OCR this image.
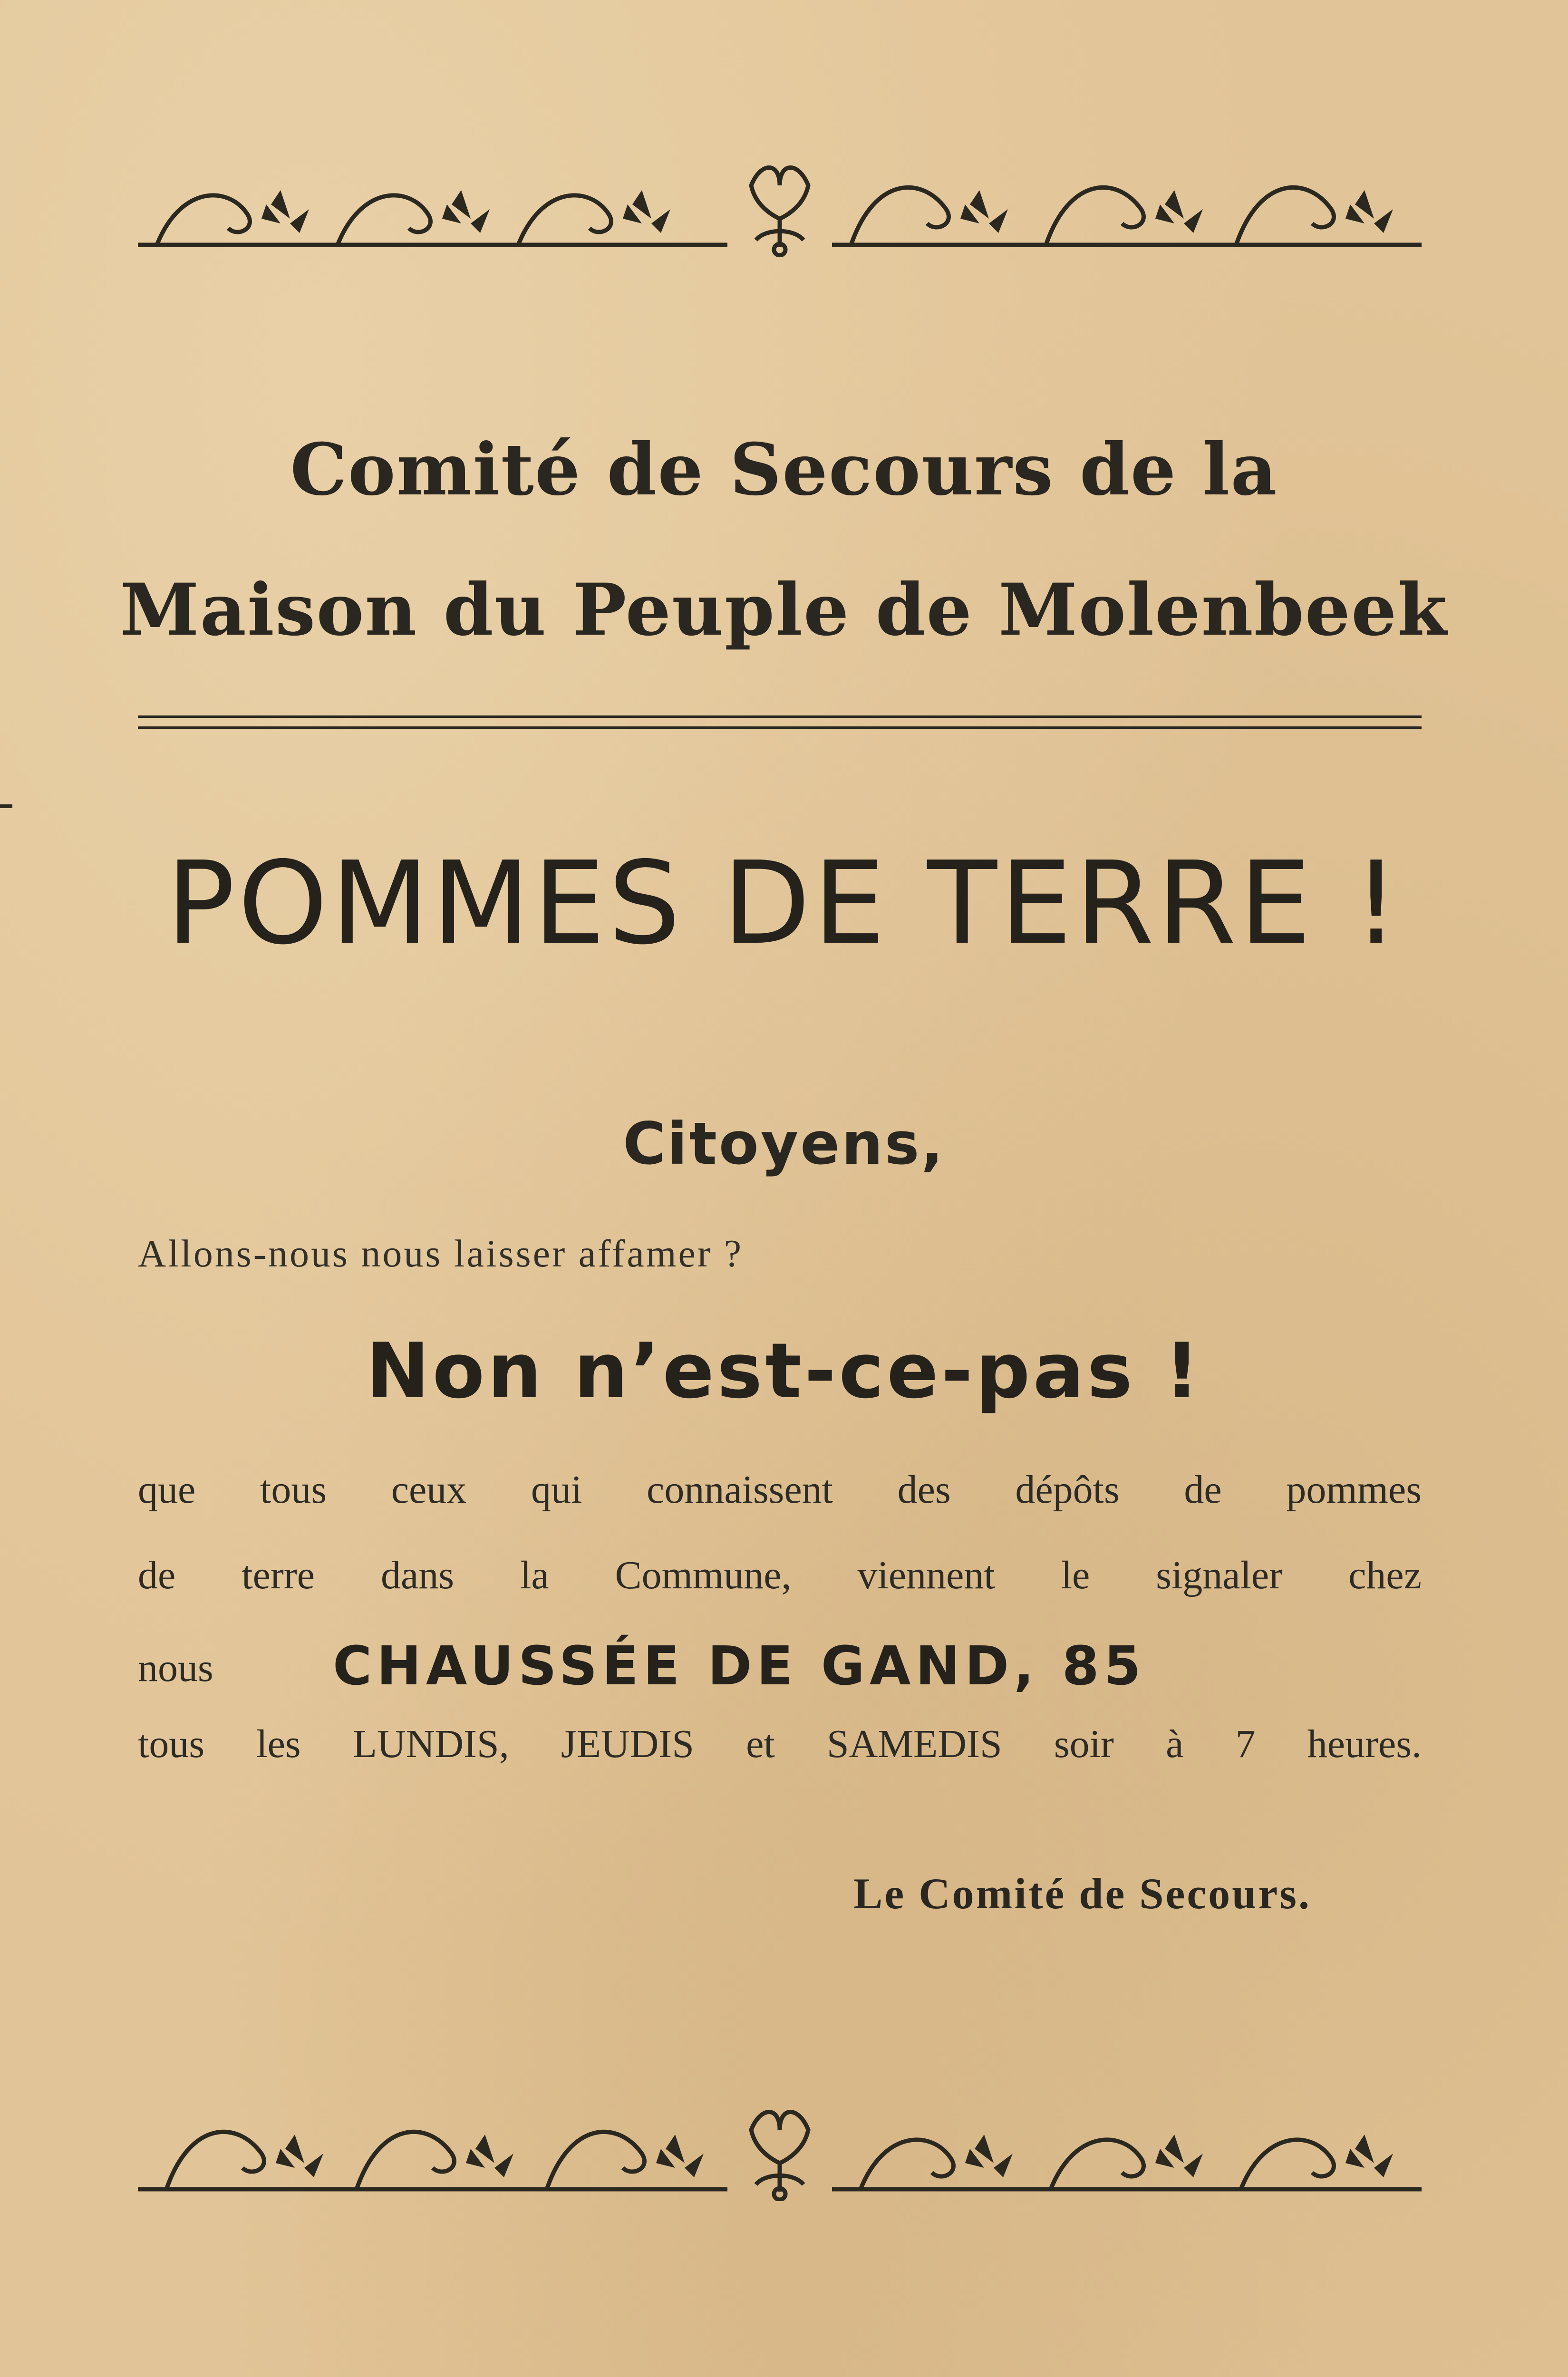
Comité de Secours de la
Maison du Peuple de Molenbeek
POMMES DE TERRE !
Citoyens,
Allons-nous nous laisser affamer ?
Non n’est-ce-pas !
que tous ceux qui connaissent des dépôts de pommes
de terre dans la Commune, viennent le signaler chez
nous CHAUSSÉE DE GAND, 85
tous les LUNDIS, JEUDIS et SAMEDIS soir à 7 heures.
Le Comité de Secours.
